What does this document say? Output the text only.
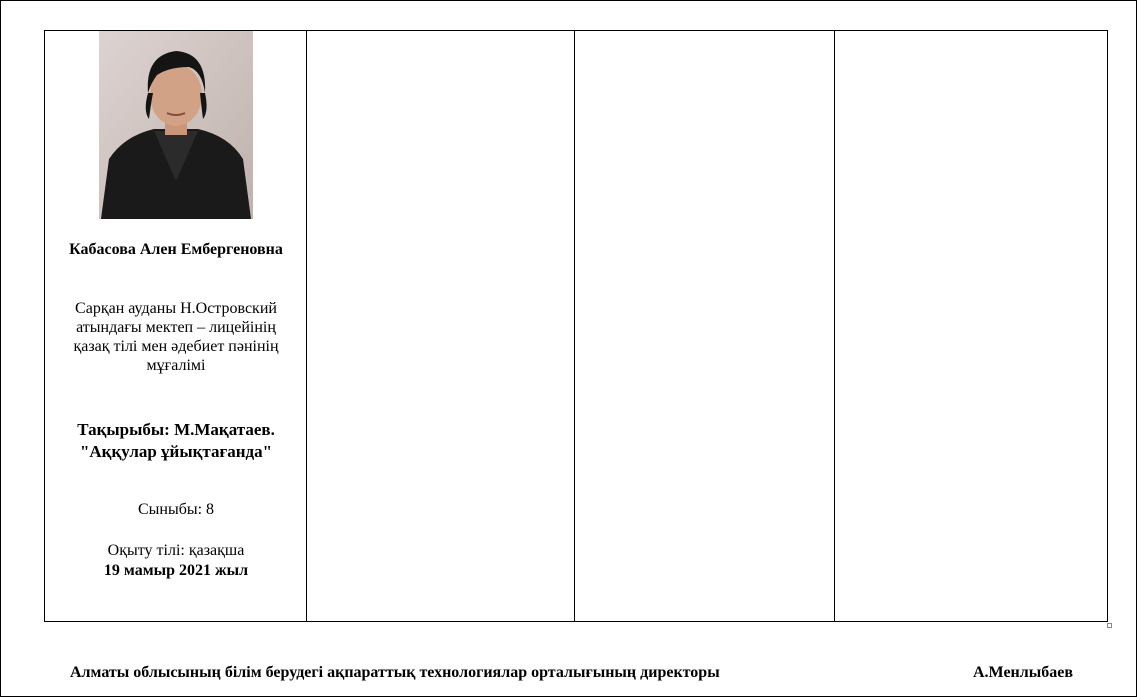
Кабасова Ален Ембергеновна
Сарқан ауданы Н.Островский атындағы мектеп – лицейінің қазақ тілі мен әдебиет пәнінің мұғалімі
Тақырыбы: М.Мақатаев.
"Аққулар ұйықтағанда"
Сыныбы: 8
Оқыту тілі: қазақша
19 мамыр 2021 жыл
Алматы облысының білім берудегі ақпараттық технологиялар орталығының директоры	А.Менлыбаев
